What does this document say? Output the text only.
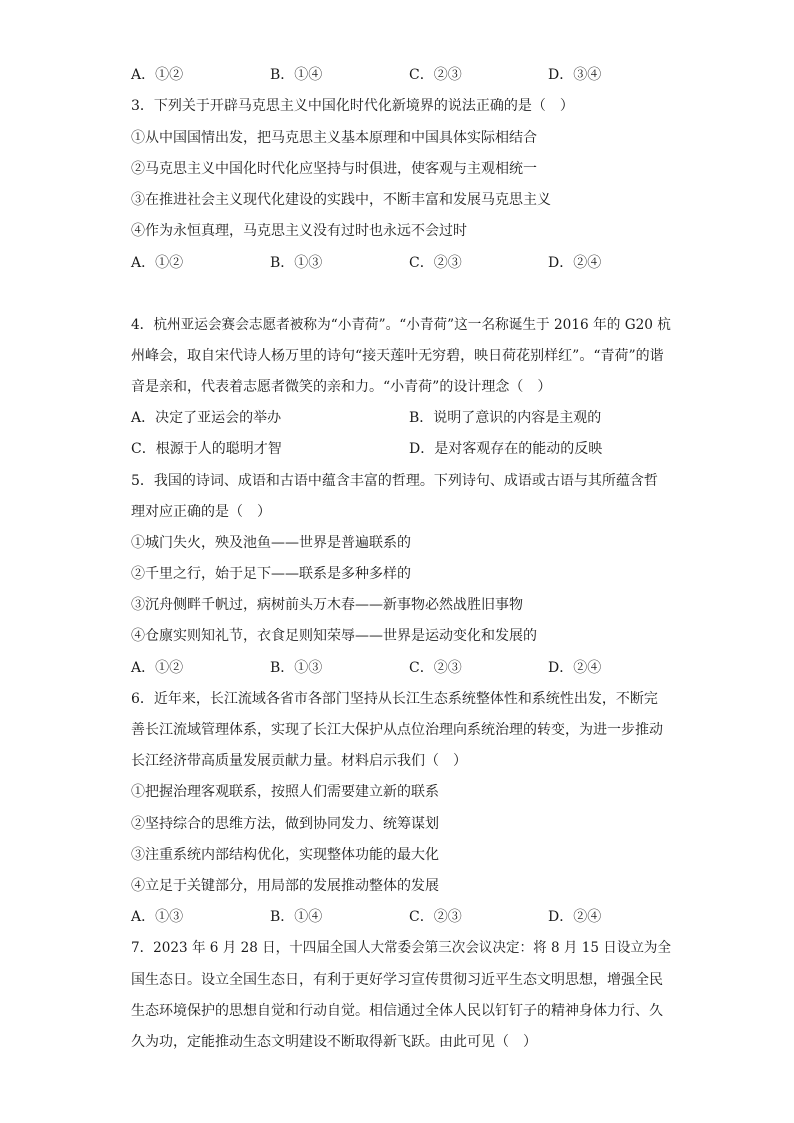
A．①②	B．①④	C．②③	D．③④
3．下列关于开辟马克思主义中国化时代化新境界的说法正确的是（　）
①从中国国情出发，把马克思主义基本原理和中国具体实际相结合
②马克思主义中国化时代化应坚持与时俱进，使客观与主观相统一
③在推进社会主义现代化建设的实践中，不断丰富和发展马克思主义
④作为永恒真理，马克思主义没有过时也永远不会过时
A．①②	B．①③	C．②③	D．②④
4．杭州亚运会赛会志愿者被称为“小青荷”。“小青荷”这一名称诞生于 2016 年的 G20 杭
州峰会，取自宋代诗人杨万里的诗句“接天莲叶无穷碧，映日荷花别样红”。“青荷”的谐
音是亲和，代表着志愿者微笑的亲和力。“小青荷”的设计理念（　）
A．决定了亚运会的举办	B．说明了意识的内容是主观的
C．根源于人的聪明才智	D．是对客观存在的能动的反映
5．我国的诗词、成语和古语中蕴含丰富的哲理。下列诗句、成语或古语与其所蕴含哲
理对应正确的是（　）
①城门失火，殃及池鱼——世界是普遍联系的
②千里之行，始于足下——联系是多种多样的
③沉舟侧畔千帆过，病树前头万木春——新事物必然战胜旧事物
④仓廪实则知礼节，衣食足则知荣辱——世界是运动变化和发展的
A．①②	B．①③	C．②③	D．②④
6．近年来，长江流域各省市各部门坚持从长江生态系统整体性和系统性出发，不断完
善长江流域管理体系，实现了长江大保护从点位治理向系统治理的转变，为进一步推动
长江经济带高质量发展贡献力量。材料启示我们（　）
①把握治理客观联系，按照人们需要建立新的联系
②坚持综合的思维方法，做到协同发力、统筹谋划
③注重系统内部结构优化，实现整体功能的最大化
④立足于关键部分，用局部的发展推动整体的发展
A．①③	B．①④	C．②③	D．②④
7．2023 年 6 月 28 日，十四届全国人大常委会第三次会议决定：将 8 月 15 日设立为全
国生态日。设立全国生态日，有利于更好学习宣传贯彻习近平生态文明思想，增强全民
生态环境保护的思想自觉和行动自觉。相信通过全体人民以钉钉子的精神身体力行、久
久为功，定能推动生态文明建设不断取得新飞跃。由此可见（　）
